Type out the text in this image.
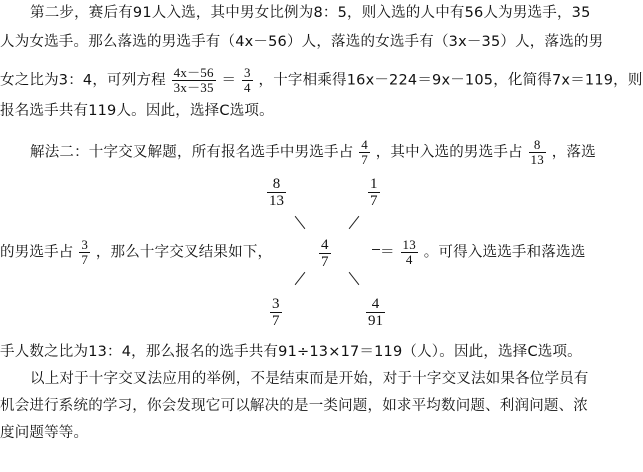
第二步，赛后有91人入选，其中男女比例为8：5，则入选的人中有56人为男选手，35
人为女选手。那么落选的男选手有（4x－56）人，落选的女选手有（3x－35）人，落选的男
女之比为3：4，可列方程 $\frac{4x-56}{3x-35} = \frac{3}{4}$ ，十字相乘得16x－224＝9x－105，化简得7x＝119，则
报名选手共有119人。因此，选择C选项。
解法二：十字交叉解题，所有报名选手中男选手占 $\frac{4}{7}$ ，其中入选的男选手占 $\frac{8}{13}$ ，落选
$\frac{8}{13}$	$\frac{1}{7}$
$\frac{4}{7}$
$\frac{3}{7}$	$\frac{4}{91}$
的男选手占 $\frac{3}{7}$ ，那么十字交叉结果如下，	＝ $\frac{13}{4}$ 。可得入选选手和落选选
手人数之比为13：4，那么报名的选手共有91÷13×17＝119（人）。因此，选择C选项。
以上对于十字交叉法应用的举例，不是结束而是开始，对于十字交叉法如果各位学员有
机会进行系统的学习，你会发现它可以解决的是一类问题，如求平均数问题、利润问题、浓
度问题等等。
